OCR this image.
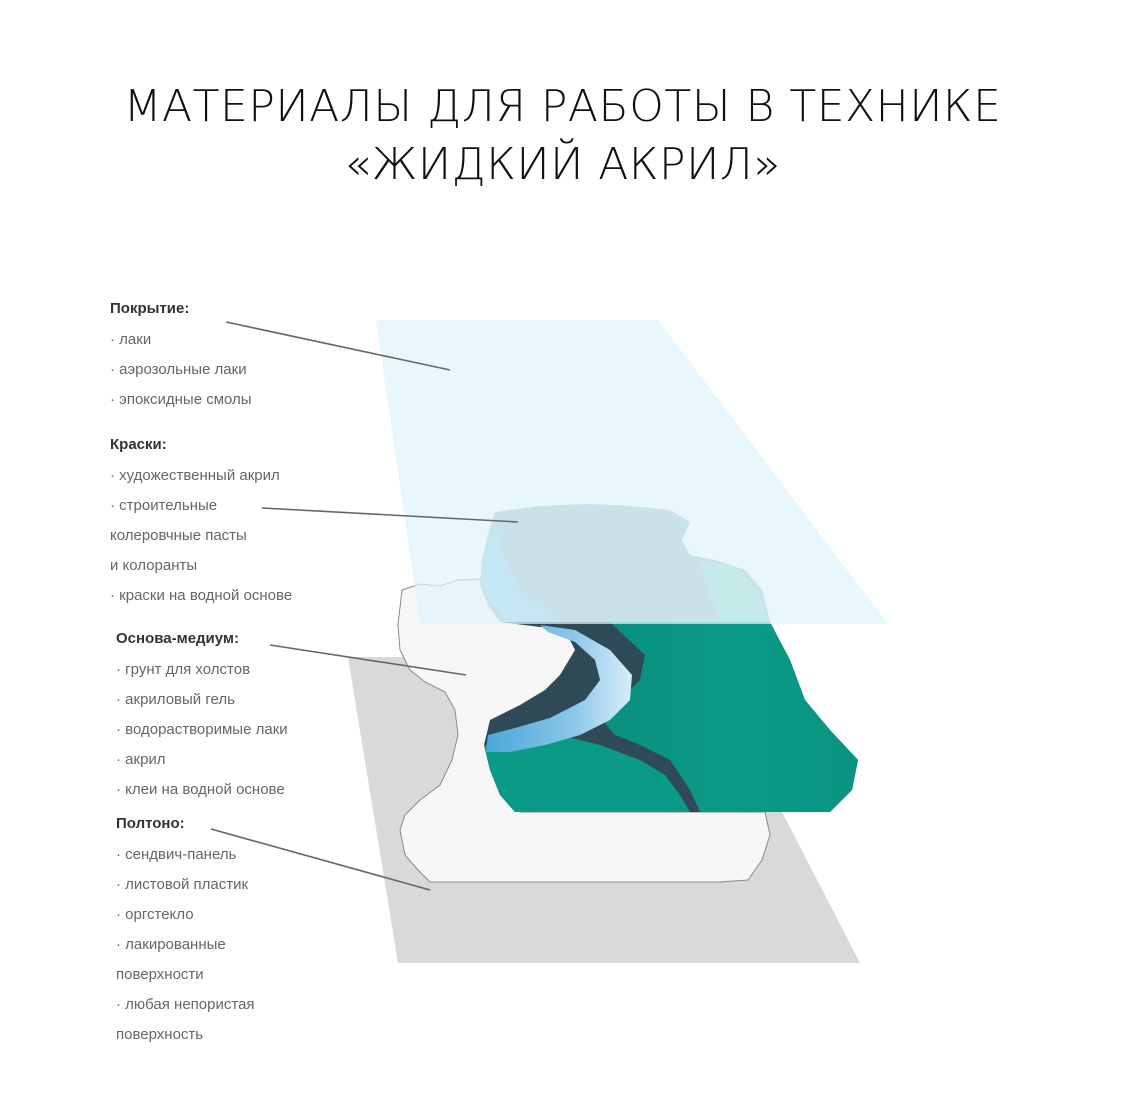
МАТЕРИАЛЫ ДЛЯ РАБОТЫ В ТЕХНИКЕ
«ЖИДКИЙ АКРИЛ»
Покрытие:
· лаки
· аэрозольные лаки
· эпоксидные смолы
Краски:
· художественный акрил
· строительные
колеровчные пасты
и колоранты
· краски на водной основе
Основа-медиум:
· грунт для холстов
· акриловый гель
· водорастворимые лаки
· акрил
· клеи на водной основе
Полтоно:
· сендвич-панель
· листовой пластик
· оргстекло
· лакированные
поверхности
· любая непористая
поверхность
